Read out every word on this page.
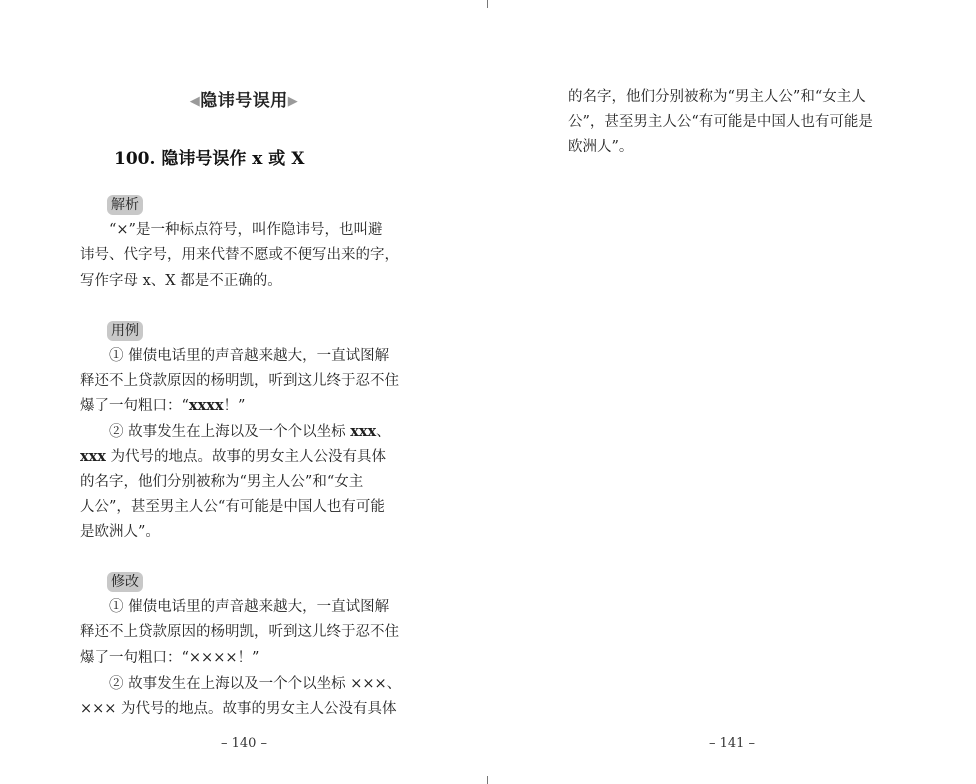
◀隐讳号误用▶
100. 隐讳号误作 x 或 X
解析
“×”是一种标点符号，叫作隐讳号，也叫避
讳号、代字号，用来代替不愿或不便写出来的字，
写作字母 x、X 都是不正确的。
用例
① 催债电话里的声音越来越大，一直试图解
释还不上贷款原因的杨明凯，听到这儿终于忍不住
爆了一句粗口：“xxxx！”
② 故事发生在上海以及一个个以坐标 xxx、
xxx 为代号的地点。故事的男女主人公没有具体
的名字，他们分别被称为“男主人公”和“女主
人公”，甚至男主人公“有可能是中国人也有可能
是欧洲人”。
修改
① 催债电话里的声音越来越大，一直试图解
释还不上贷款原因的杨明凯，听到这儿终于忍不住
爆了一句粗口：“××××！”
② 故事发生在上海以及一个个以坐标 ×××、
××× 为代号的地点。故事的男女主人公没有具体
– 140 –
的名字，他们分别被称为“男主人公”和“女主人
公”，甚至男主人公“有可能是中国人也有可能是
欧洲人”。
– 141 –
